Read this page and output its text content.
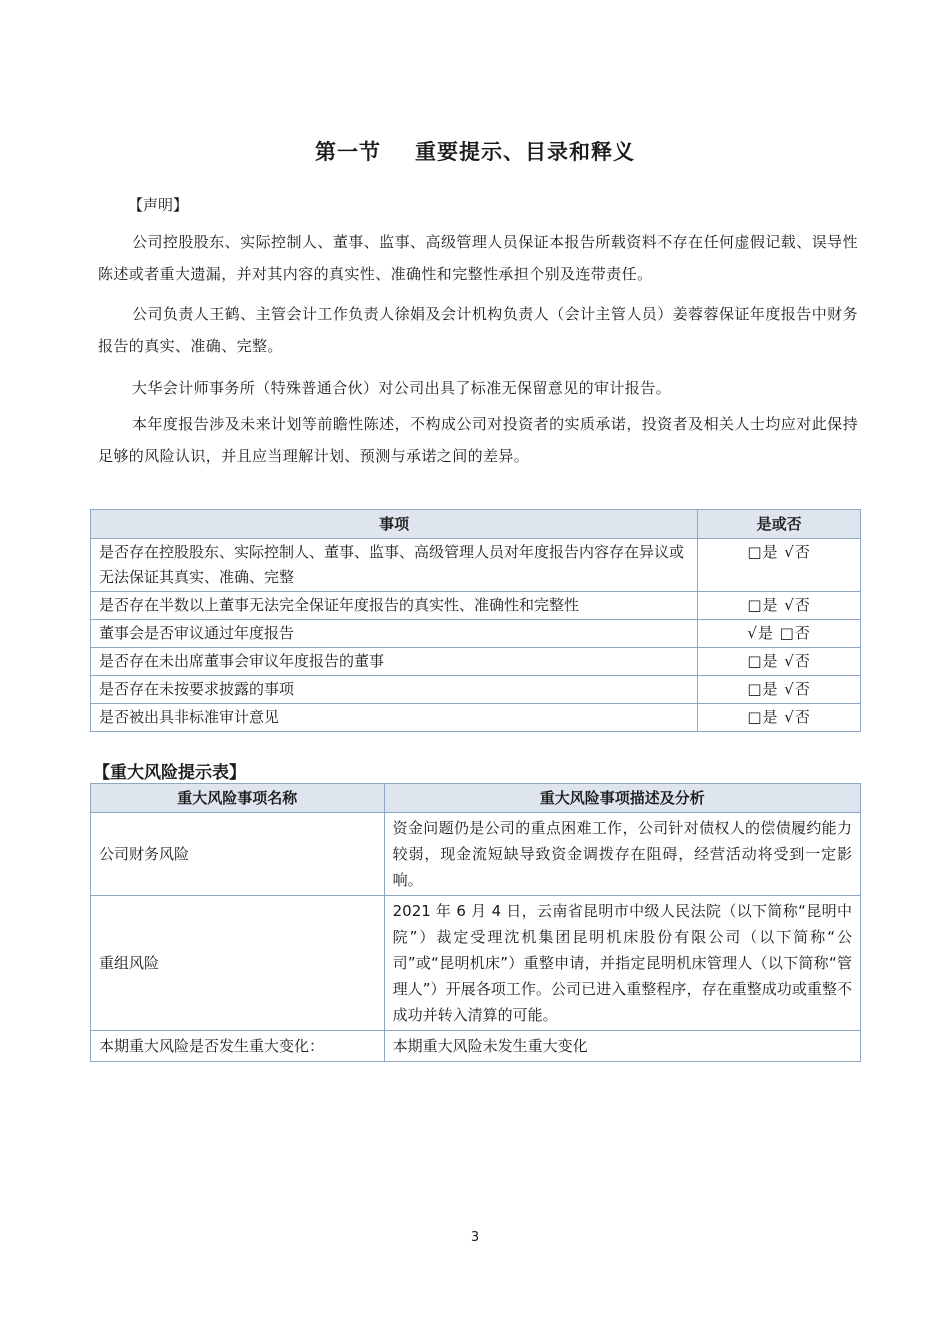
第一节 重要提示、目录和释义
【声明】

公司控股股东、实际控制人、董事、监事、高级管理人员保证本报告所载资料不存在任何虚假记载、误导性陈述或者重大遗漏，并对其内容的真实性、准确性和完整性承担个别及连带责任。

公司负责人王鹤、主管会计工作负责人徐娟及会计机构负责人（会计主管人员）姜蓉蓉保证年度报告中财务报告的真实、准确、完整。

大华会计师事务所（特殊普通合伙）对公司出具了标准无保留意见的审计报告。

本年度报告涉及未来计划等前瞻性陈述，不构成公司对投资者的实质承诺，投资者及相关人士均应对此保持足够的风险认识，并且应当理解计划、预测与承诺之间的差异。

事项	是或否
是否存在控股股东、实际控制人、董事、监事、高级管理人员对年度报告内容存在异议或无法保证其真实、准确、完整	□是 √否
是否存在半数以上董事无法完全保证年度报告的真实性、准确性和完整性	□是 √否
董事会是否审议通过年度报告	√是 □否
是否存在未出席董事会审议年度报告的董事	□是 √否
是否存在未按要求披露的事项	□是 √否
是否被出具非标准审计意见	□是 √否
【重大风险提示表】
重大风险事项名称	重大风险事项描述及分析
公司财务风险	资金问题仍是公司的重点困难工作，公司针对债权人的偿债履约能力较弱，现金流短缺导致资金调拨存在阻碍，经营活动将受到一定影响。
重组风险	2021 年 6 月 4 日，云南省昆明市中级人民法院（以下简称“昆明中院”）裁定受理沈机集团昆明机床股份有限公司（以下简称“公司”或“昆明机床”）重整申请，并指定昆明机床管理人（以下简称“管理人”）开展各项工作。公司已进入重整程序，存在重整成功或重整不成功并转入清算的可能。
本期重大风险是否发生重大变化：	本期重大风险未发生重大变化
3
